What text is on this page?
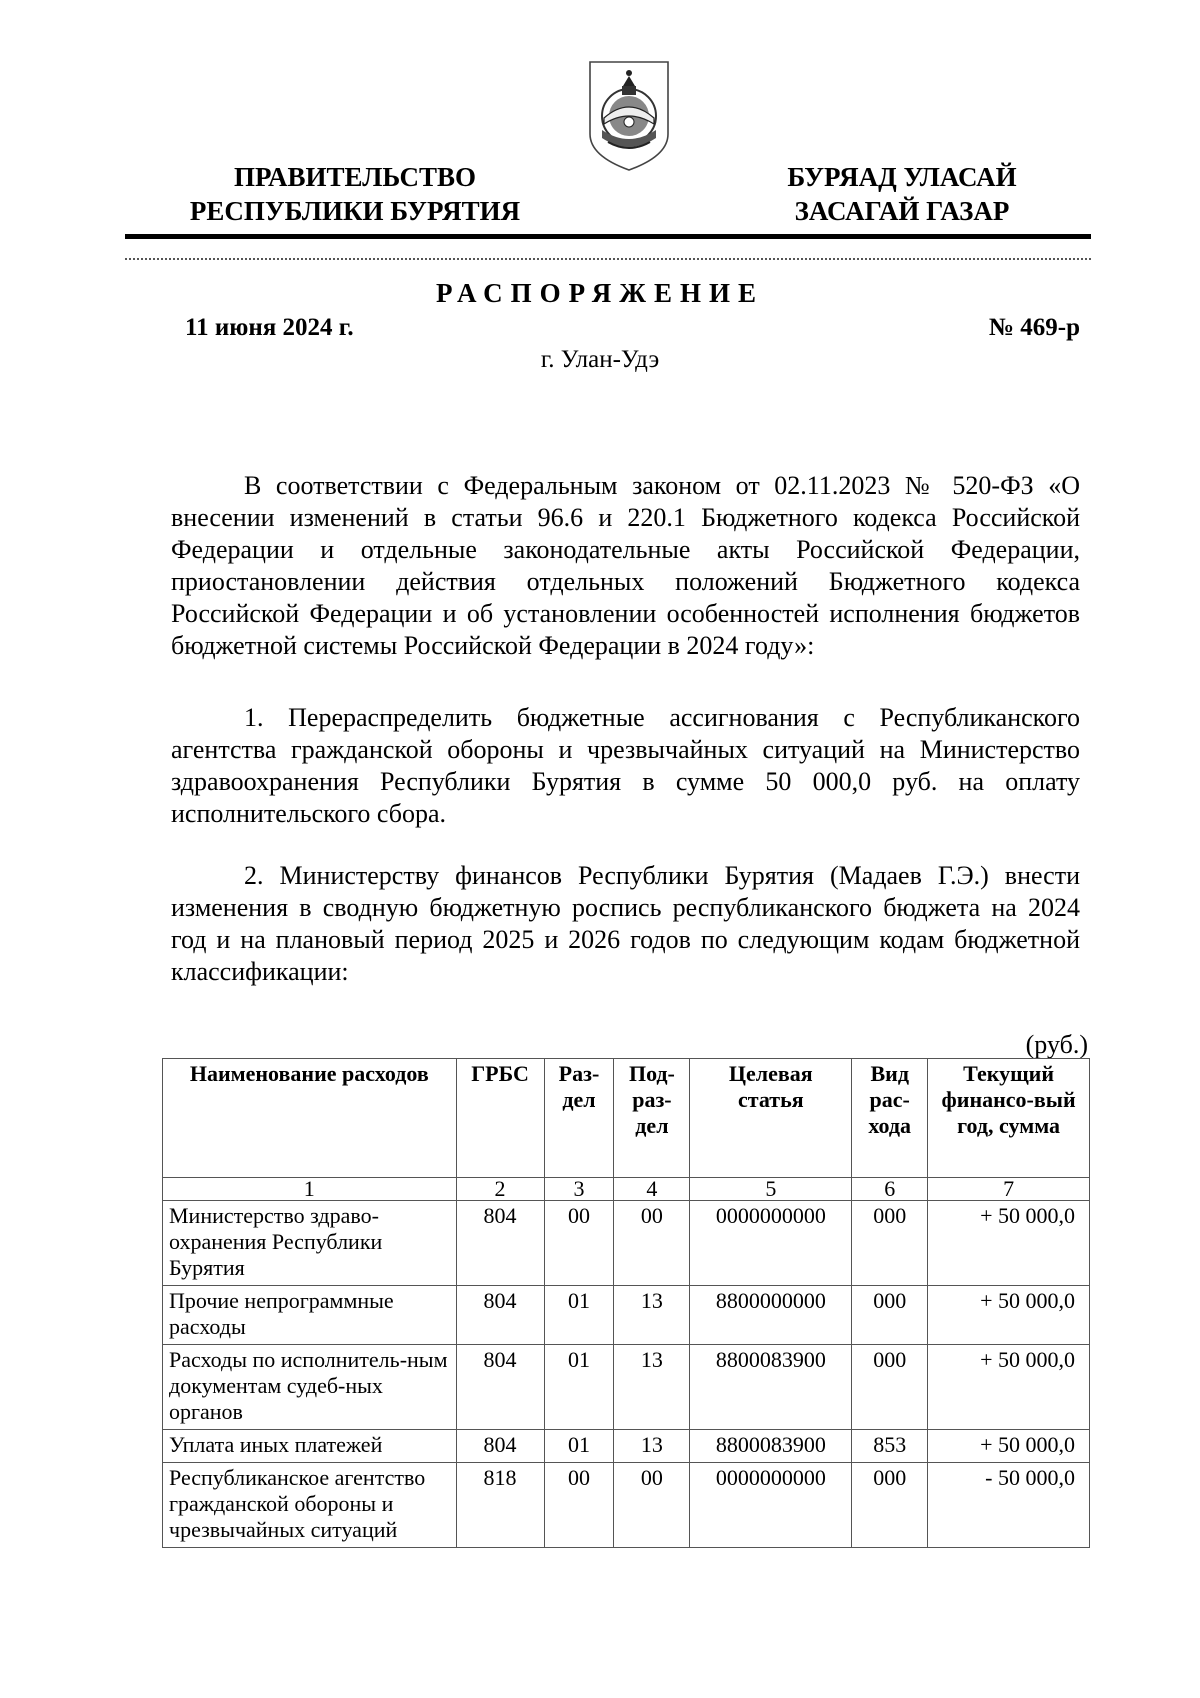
ПРАВИТЕЛЬСТВО
РЕСПУБЛИКИ БУРЯТИЯ
БУРЯАД УЛАСАЙ
ЗАСАГАЙ ГАЗАР
РАСПОРЯЖЕНИЕ
11 июня 2024 г.	№ 469-р
г. Улан-Удэ

В соответствии с Федеральным законом от 02.11.2023 № 520-ФЗ «О внесении изменений в статьи 96.6 и 220.1 Бюджетного кодекса Российской Федерации и отдельные законодательные акты Российской Федерации, приостановлении действия отдельных положений Бюджетного кодекса Российской Федерации и об установлении особенностей исполнения бюджетов бюджетной системы Российской Федерации в 2024 году»:

1. Перераспределить бюджетные ассигнования с Республиканского агентства гражданской обороны и чрезвычайных ситуаций на Министерство здравоохранения Республики Бурятия в сумме 50 000,0 руб. на оплату исполнительского сбора.

2. Министерству финансов Республики Бурятия (Мадаев Г.Э.) внести изменения в сводную бюджетную роспись республиканского бюджета на 2024 год и на плановый период 2025 и 2026 годов по следующим кодам бюджетной классификации:

(руб.)
Наименование расходов	ГРБС	Раз-дел	Под-раз-дел	Целевая статья	Вид рас-хода	Текущий финансо-вый год, сумма
1	2	3	4	5	6	7
Министерство здраво-охранения Республики Бурятия	804	00	00	0000000000	000	+ 50 000,0
Прочие непрограммные расходы	804	01	13	8800000000	000	+ 50 000,0
Расходы по исполнитель-ным документам судеб-ных органов	804	01	13	8800083900	000	+ 50 000,0
Уплата иных платежей	804	01	13	8800083900	853	+ 50 000,0
Республиканское агентство гражданской обороны и чрезвычайных ситуаций	818	00	00	0000000000	000	- 50 000,0
